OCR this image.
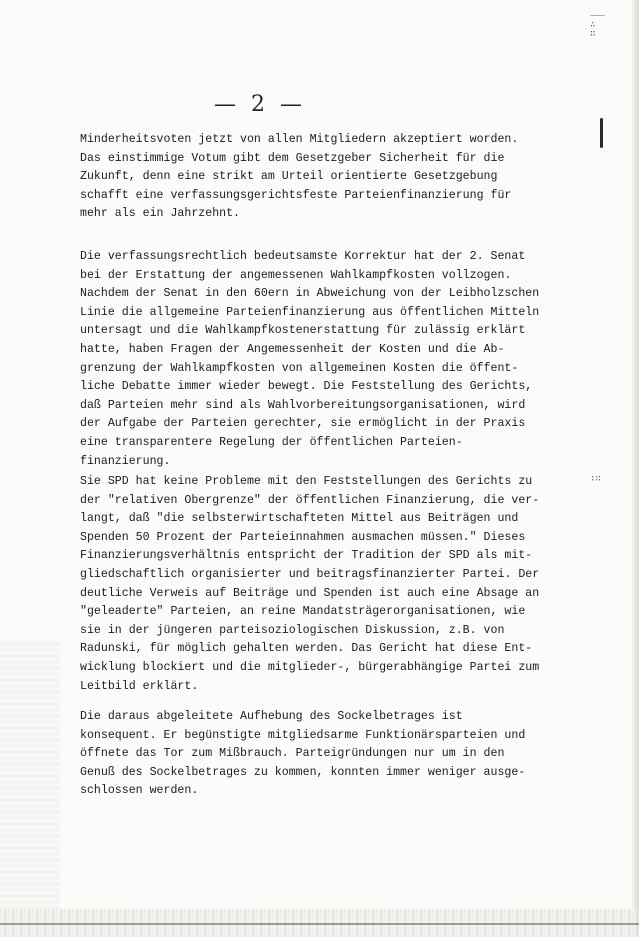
⸺
∴
∷
∶∷
— 2 —
Minderheitsvoten jetzt von allen Mitgliedern akzeptiert worden.
Das einstimmige Votum gibt dem Gesetzgeber Sicherheit für die
Zukunft, denn eine strikt am Urteil orientierte Gesetzgebung
schafft eine verfassungsgerichtsfeste Parteienfinanzierung für
mehr als ein Jahrzehnt.
Die verfassungsrechtlich bedeutsamste Korrektur hat der 2. Senat
bei der Erstattung der angemessenen Wahlkampfkosten vollzogen.
Nachdem der Senat in den 60ern in Abweichung von der Leibholzschen
Linie die allgemeine Parteienfinanzierung aus öffentlichen Mitteln
untersagt und die Wahlkampfkostenerstattung für zulässig erklärt
hatte, haben Fragen der Angemessenheit der Kosten und die Ab-
grenzung der Wahlkampfkosten von allgemeinen Kosten die öffent-
liche Debatte immer wieder bewegt. Die Feststellung des Gerichts,
daß Parteien mehr sind als Wahlvorbereitungsorganisationen, wird
der Aufgabe der Parteien gerechter, sie ermöglicht in der Praxis
eine transparentere Regelung der öffentlichen Parteien-
finanzierung.
Sie SPD hat keine Probleme mit den Feststellungen des Gerichts zu
der "relativen Obergrenze" der öffentlichen Finanzierung, die ver-
langt, daß "die selbsterwirtschafteten Mittel aus Beiträgen und
Spenden 50 Prozent der Parteieinnahmen ausmachen müssen." Dieses
Finanzierungsverhältnis entspricht der Tradition der SPD als mit-
gliedschaftlich organisierter und beitragsfinanzierter Partei. Der
deutliche Verweis auf Beiträge und Spenden ist auch eine Absage an
"geleaderte" Parteien, an reine Mandatsträgerorganisationen, wie
sie in der jüngeren parteisoziologischen Diskussion, z.B. von
Radunski, für möglich gehalten werden. Das Gericht hat diese Ent-
wicklung blockiert und die mitglieder-, bürgerabhängige Partei zum
Leitbild erklärt.
Die daraus abgeleitete Aufhebung des Sockelbetrages ist
konsequent. Er begünstigte mitgliedsarme Funktionärsparteien und
öffnete das Tor zum Mißbrauch. Parteigründungen nur um in den
Genuß des Sockelbetrages zu kommen, konnten immer weniger ausge-
schlossen werden.
